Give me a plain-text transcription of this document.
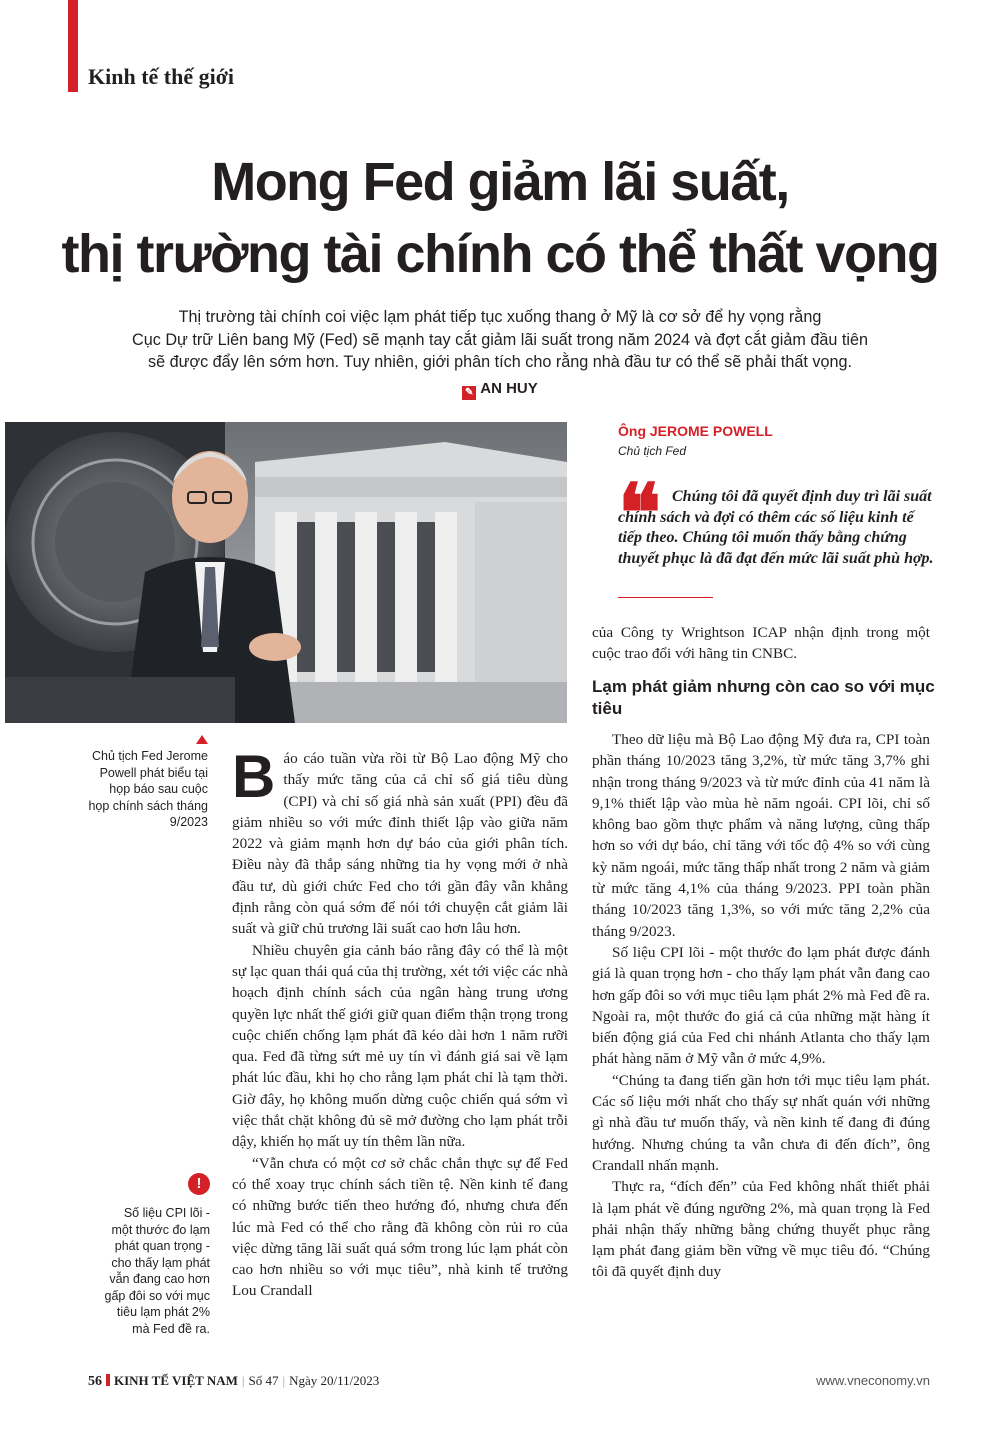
Kinh tế thế giới
Mong Fed giảm lãi suất,
thị trường tài chính có thể thất vọng
Thị trường tài chính coi việc lạm phát tiếp tục xuống thang ở Mỹ là cơ sở để hy vọng rằng
Cục Dự trữ Liên bang Mỹ (Fed) sẽ mạnh tay cắt giảm lãi suất trong năm 2024 và đợt cắt giảm đầu tiên
sẽ được đẩy lên sớm hơn. Tuy nhiên, giới phân tích cho rằng nhà đầu tư có thể sẽ phải thất vọng.
✎ AN HUY
Ông JEROME POWELL
Chủ tịch Fed
❝ Chúng tôi đã quyết định duy trì lãi suất chính sách và đợi có thêm các số liệu kinh tế tiếp theo. Chúng tôi muốn thấy bằng chứng thuyết phục là đã đạt đến mức lãi suất phù hợp.
Chủ tịch Fed Jerome Powell phát biểu tại họp báo sau cuộc họp chính sách tháng 9/2023
!
Số liệu CPI lõi - một thước đo lạm phát quan trọng - cho thấy lạm phát vẫn đang cao hơn gấp đôi so với mục tiêu lạm phát 2% mà Fed đề ra.

Báo cáo tuần vừa rồi từ Bộ Lao động Mỹ cho thấy mức tăng của cả chỉ số giá tiêu dùng (CPI) và chỉ số giá nhà sản xuất (PPI) đều đã giảm nhiều so với mức đỉnh thiết lập vào giữa năm 2022 và giảm mạnh hơn dự báo của giới phân tích. Điều này đã thắp sáng những tia hy vọng mới ở nhà đầu tư, dù giới chức Fed cho tới gần đây vẫn khẳng định rằng còn quá sớm để nói tới chuyện cắt giảm lãi suất và giữ chủ trương lãi suất cao hơn lâu hơn.

Nhiều chuyên gia cảnh báo rằng đây có thể là một sự lạc quan thái quá của thị trường, xét tới việc các nhà hoạch định chính sách của ngân hàng trung ương quyền lực nhất thế giới giữ quan điểm thận trọng trong cuộc chiến chống lạm phát đã kéo dài hơn 1 năm rưỡi qua. Fed đã từng sứt mẻ uy tín vì đánh giá sai về lạm phát lúc đầu, khi họ cho rằng lạm phát chỉ là tạm thời. Giờ đây, họ không muốn dừng cuộc chiến quá sớm vì việc thắt chặt không đủ sẽ mở đường cho lạm phát trỗi dậy, khiến họ mất uy tín thêm lần nữa.

“Vẫn chưa có một cơ sở chắc chắn thực sự để Fed có thể xoay trục chính sách tiền tệ. Nền kinh tế đang có những bước tiến theo hướng đó, nhưng chưa đến lúc mà Fed có thể cho rằng đã không còn rủi ro của việc dừng tăng lãi suất quá sớm trong lúc lạm phát còn cao hơn nhiều so với mục tiêu”, nhà kinh tế trưởng Lou Crandall

của Công ty Wrightson ICAP nhận định trong một cuộc trao đổi với hãng tin CNBC.

Lạm phát giảm nhưng còn cao so với mục tiêu

Theo dữ liệu mà Bộ Lao động Mỹ đưa ra, CPI toàn phần tháng 10/2023 tăng 3,2%, từ mức tăng 3,7% ghi nhận trong tháng 9/2023 và từ mức đỉnh của 41 năm là 9,1% thiết lập vào mùa hè năm ngoái. CPI lõi, chỉ số không bao gồm thực phẩm và năng lượng, cũng thấp hơn so với dự báo, chỉ tăng với tốc độ 4% so với cùng kỳ năm ngoái, mức tăng thấp nhất trong 2 năm và giảm từ mức tăng 4,1% của tháng 9/2023. PPI toàn phần tháng 10/2023 tăng 1,3%, so với mức tăng 2,2% của tháng 9/2023.

Số liệu CPI lõi - một thước đo lạm phát được đánh giá là quan trọng hơn - cho thấy lạm phát vẫn đang cao hơn gấp đôi so với mục tiêu lạm phát 2% mà Fed đề ra. Ngoài ra, một thước đo giá cả của những mặt hàng ít biến động giá của Fed chi nhánh Atlanta cho thấy lạm phát hàng năm ở Mỹ vẫn ở mức 4,9%.

“Chúng ta đang tiến gần hơn tới mục tiêu lạm phát. Các số liệu mới nhất cho thấy sự nhất quán với những gì nhà đầu tư muốn thấy, và nền kinh tế đang đi đúng hướng. Nhưng chúng ta vẫn chưa đi đến đích”, ông Crandall nhấn mạnh.

Thực ra, “đích đến” của Fed không nhất thiết phải là lạm phát về đúng ngưỡng 2%, mà quan trọng là Fed phải nhận thấy những bằng chứng thuyết phục rằng lạm phát đang giảm bền vững về mục tiêu đó. “Chúng tôi đã quyết định duy

56 KINH TẾ VIỆT NAM | Số 47 | Ngày 20/11/2023	www.vneconomy.vn
